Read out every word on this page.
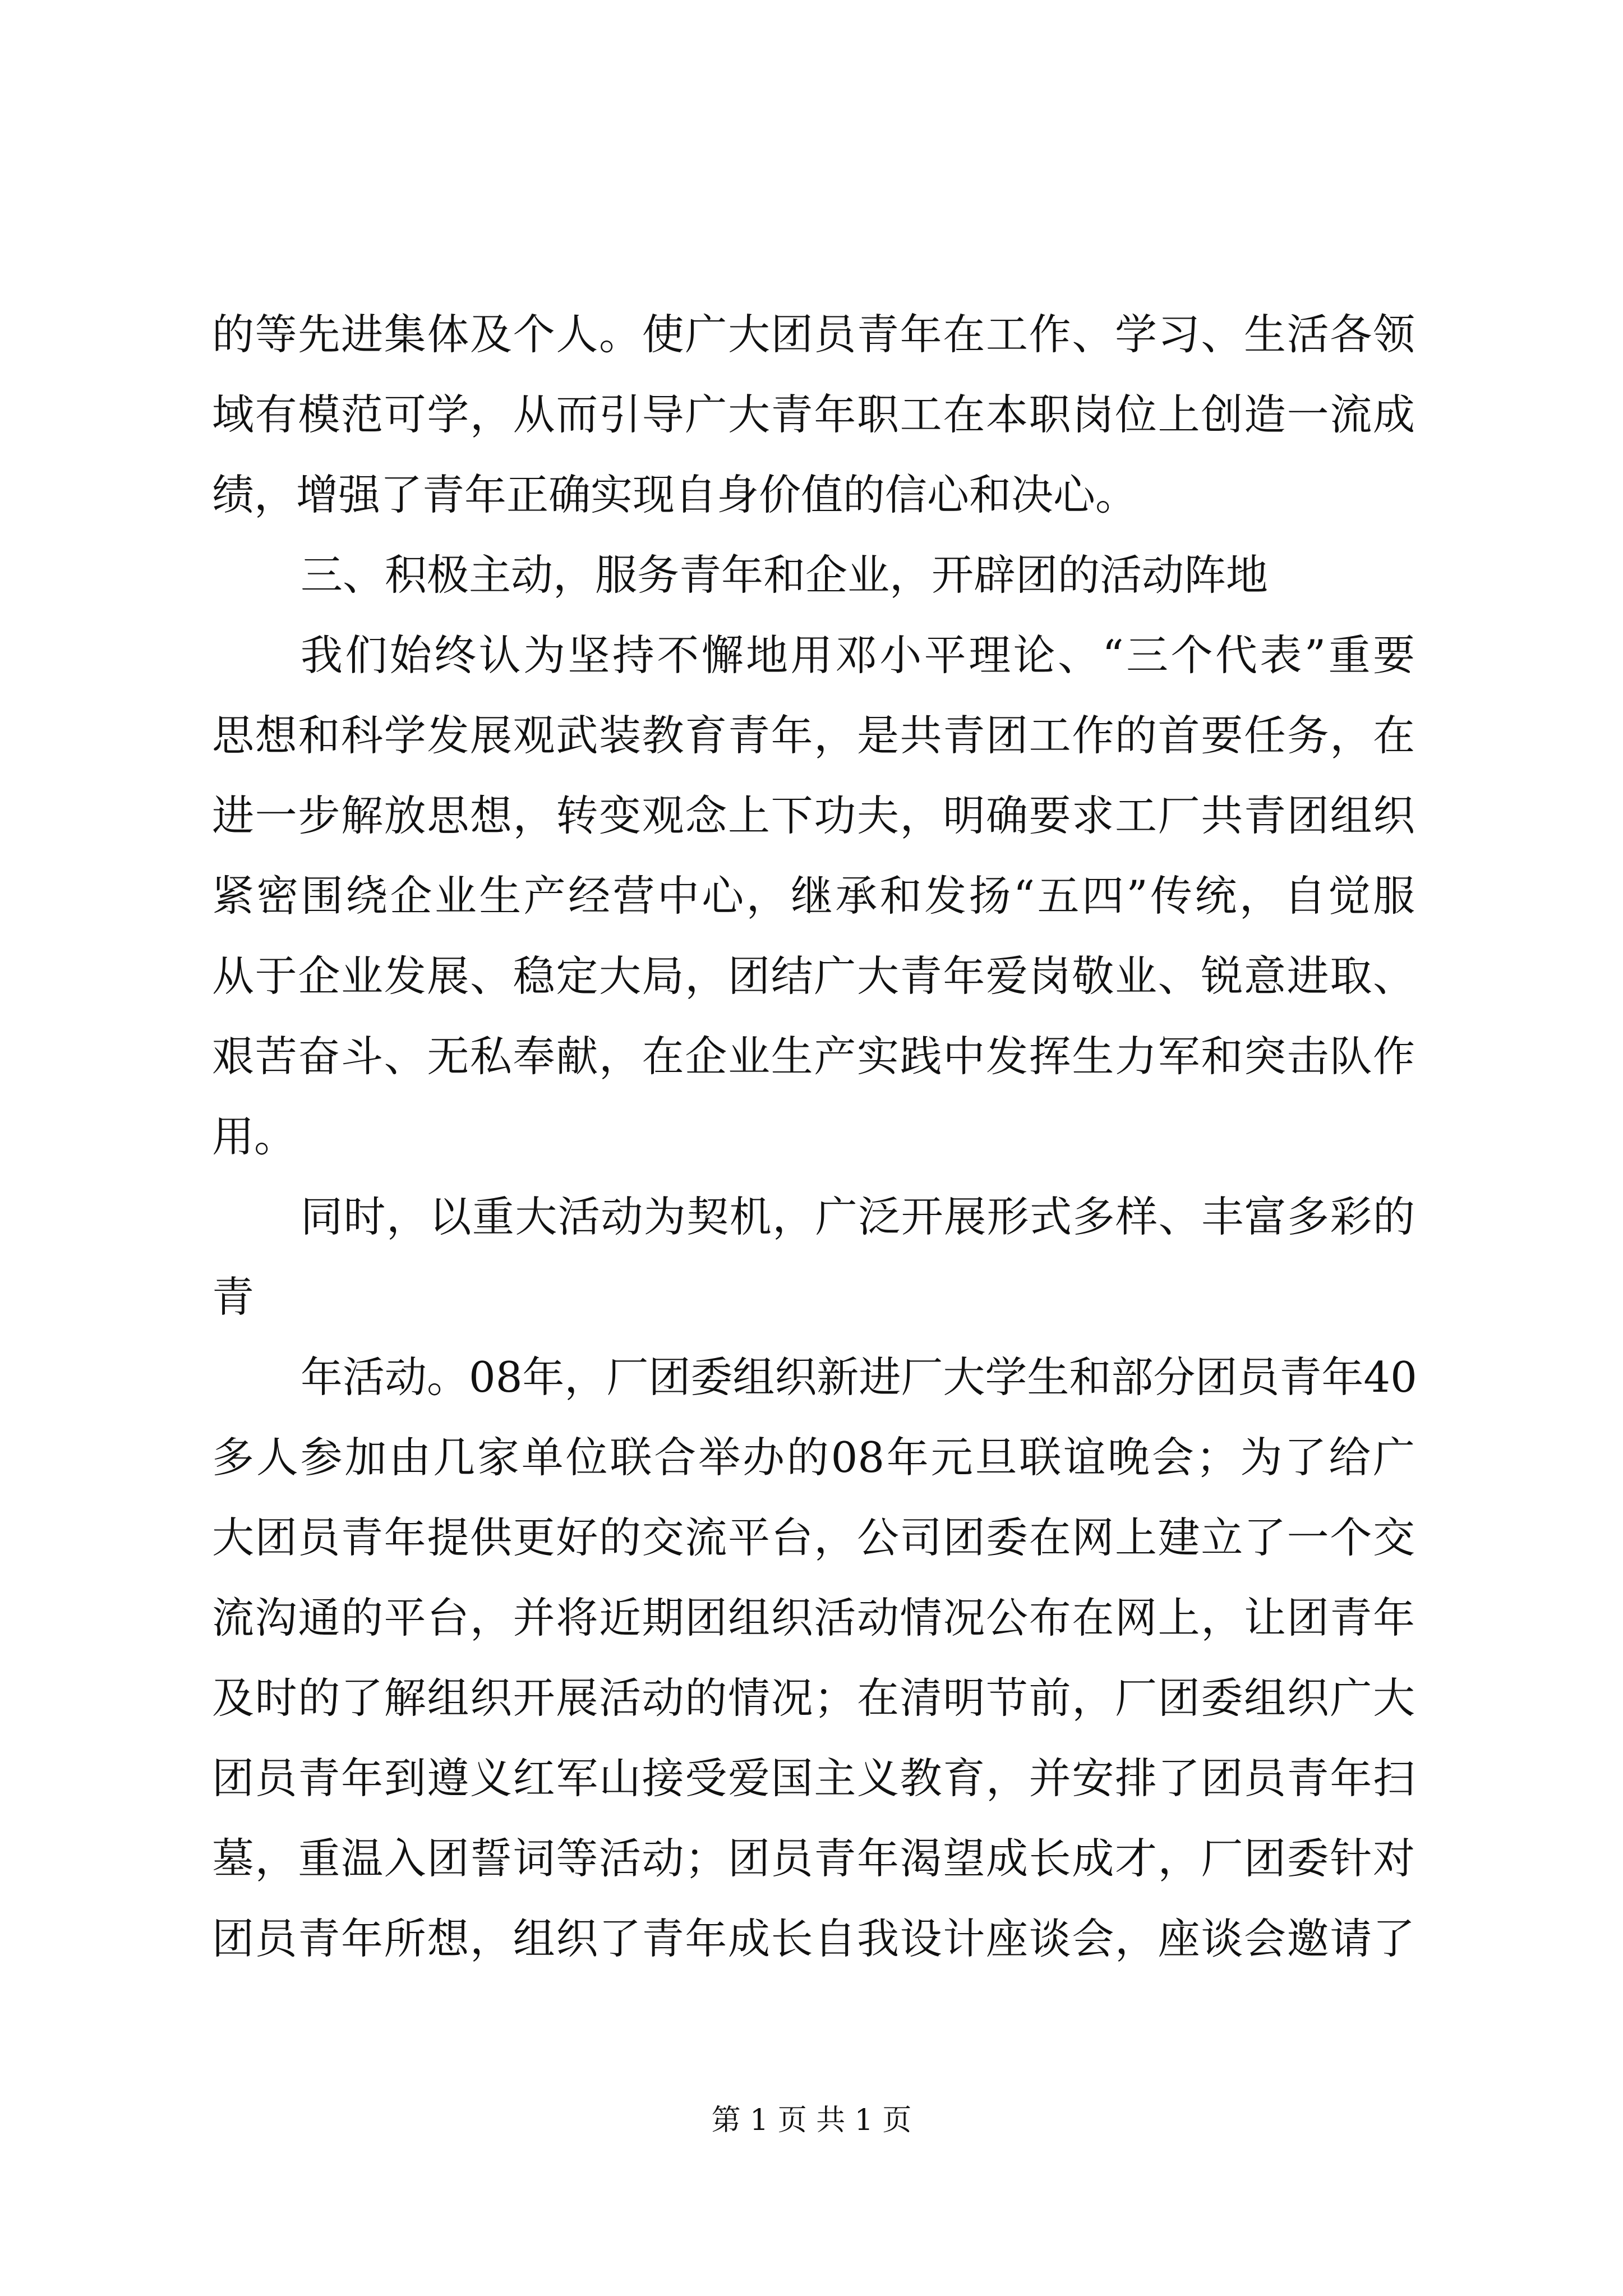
的等先进集体及个人。使广大团员青年在工作、学习、生活各领
域有模范可学，从而引导广大青年职工在本职岗位上创造一流成
绩，增强了青年正确实现自身价值的信心和决心。
三、积极主动，服务青年和企业，开辟团的活动阵地
我们始终认为坚持不懈地用邓小平理论、“三个代表”重要
思想和科学发展观武装教育青年，是共青团工作的首要任务，在
进一步解放思想，转变观念上下功夫，明确要求工厂共青团组织
紧密围绕企业生产经营中心，继承和发扬“五四”传统，自觉服
从于企业发展、稳定大局，团结广大青年爱岗敬业、锐意进取、
艰苦奋斗、无私奉献，在企业生产实践中发挥生力军和突击队作
用。
同时，以重大活动为契机，广泛开展形式多样、丰富多彩的
青
年活动。08年，厂团委组织新进厂大学生和部分团员青年40
多人参加由几家单位联合举办的08年元旦联谊晚会；为了给广
大团员青年提供更好的交流平台，公司团委在网上建立了一个交
流沟通的平台，并将近期团组织活动情况公布在网上，让团青年
及时的了解组织开展活动的情况；在清明节前，厂团委组织广大
团员青年到遵义红军山接受爱国主义教育，并安排了团员青年扫
墓，重温入团誓词等活动；团员青年渴望成长成才，厂团委针对
团员青年所想，组织了青年成长自我设计座谈会，座谈会邀请了
第 1 页 共 1 页
